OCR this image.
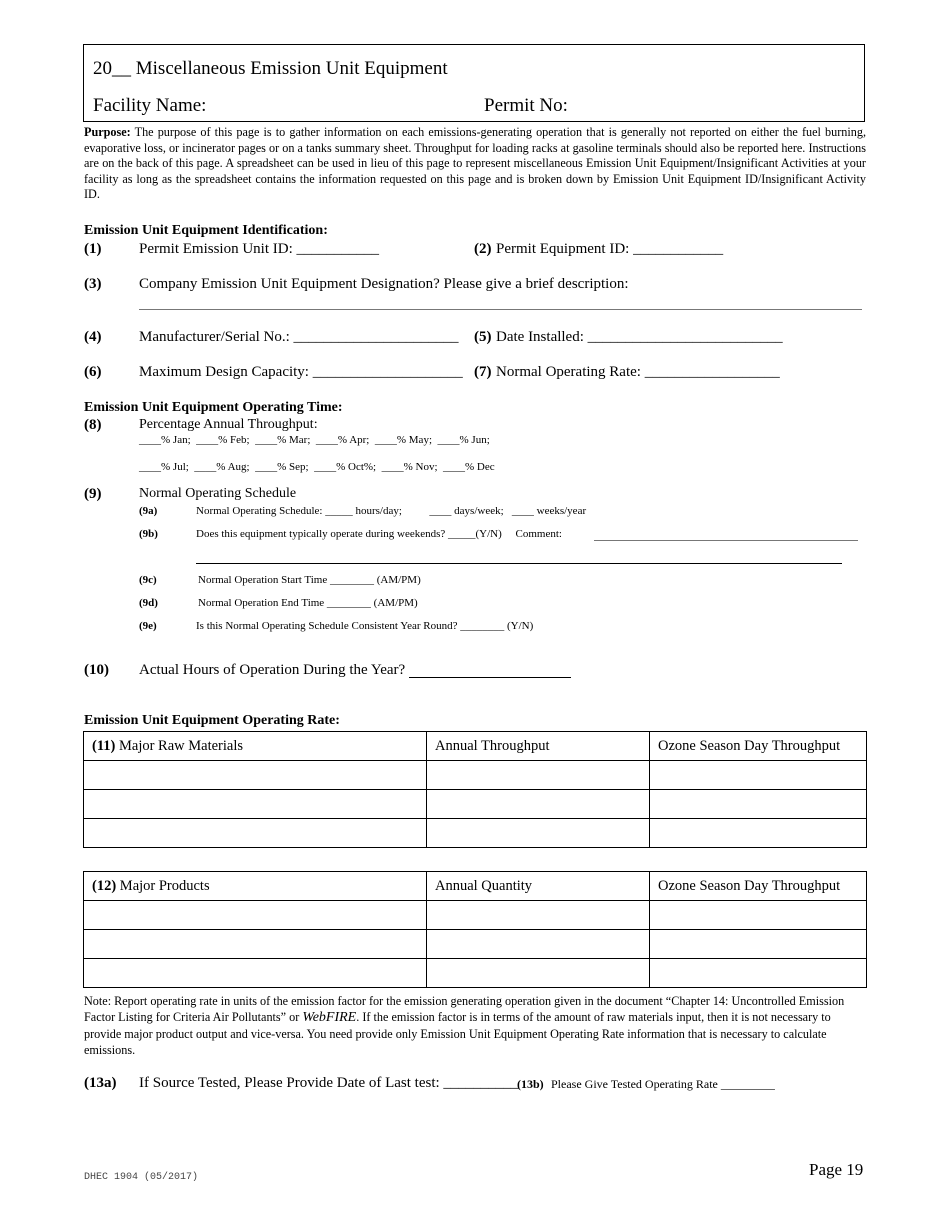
20__ Miscellaneous Emission Unit Equipment
Facility Name:	Permit No:
Purpose: The purpose of this page is to gather information on each emissions-generating operation that is generally not reported on either the fuel burning, evaporative loss, or incinerator pages or on a tanks summary sheet. Throughput for loading racks at gasoline terminals should also be reported here. Instructions are on the back of this page. A spreadsheet can be used in lieu of this page to represent miscellaneous Emission Unit Equipment/Insignificant Activities at your facility as long as the spreadsheet contains the information requested on this page and is broken down by Emission Unit Equipment ID/Insignificant Activity ID.
Emission Unit Equipment Identification:
(1)	Permit Emission Unit ID: ___________	(2) Permit Equipment ID: ____________
(3)	Company Emission Unit Equipment Designation? Please give a brief description:
(4)	Manufacturer/Serial No.: ______________________ (5) Date Installed: __________________________
(6)	Maximum Design Capacity: ____________________ (7) Normal Operating Rate: __________________
Emission Unit Equipment Operating Time:
(8)	Percentage Annual Throughput:
____% Jan;  ____% Feb;  ____% Mar;  ____% Apr;  ____% May;  ____% Jun;
____% Jul;  ____% Aug;  ____% Sep;  ____% Oct%;  ____% Nov;  ____% Dec
(9)	Normal Operating Schedule
(9a)	Normal Operating Schedule: _____ hours/day;          ____ days/week;   ____ weeks/year
(9b)	Does this equipment typically operate during weekends? _____(Y/N)     Comment:
(9c)	Normal Operation Start Time ________ (AM/PM)
(9d)	Normal Operation End Time ________ (AM/PM)
(9e)	Is this Normal Operating Schedule Consistent Year Round? ________ (Y/N)
(10) Actual Hours of Operation During the Year?
Emission Unit Equipment Operating Rate:
(11) Major Raw Materials	Annual Throughput	Ozone Season Day Throughput

(12) Major Products	Annual Quantity	Ozone Season Day Throughput

Note: Report operating rate in units of the emission factor for the emission generating operation given in the document “Chapter 14: Uncontrolled Emission Factor Listing for Criteria Air Pollutants” or WebFIRE. If the emission factor is in terms of the amount of raw materials input, then it is not necessary to provide major product output and vice-versa. You need provide only Emission Unit Equipment Operating Rate information that is necessary to calculate emissions.
(13a) If Source Tested, Please Provide Date of Last test: __________
(13b) Please Give Tested Operating Rate _________
DHEC 1904 (05/2017)	Page 19
